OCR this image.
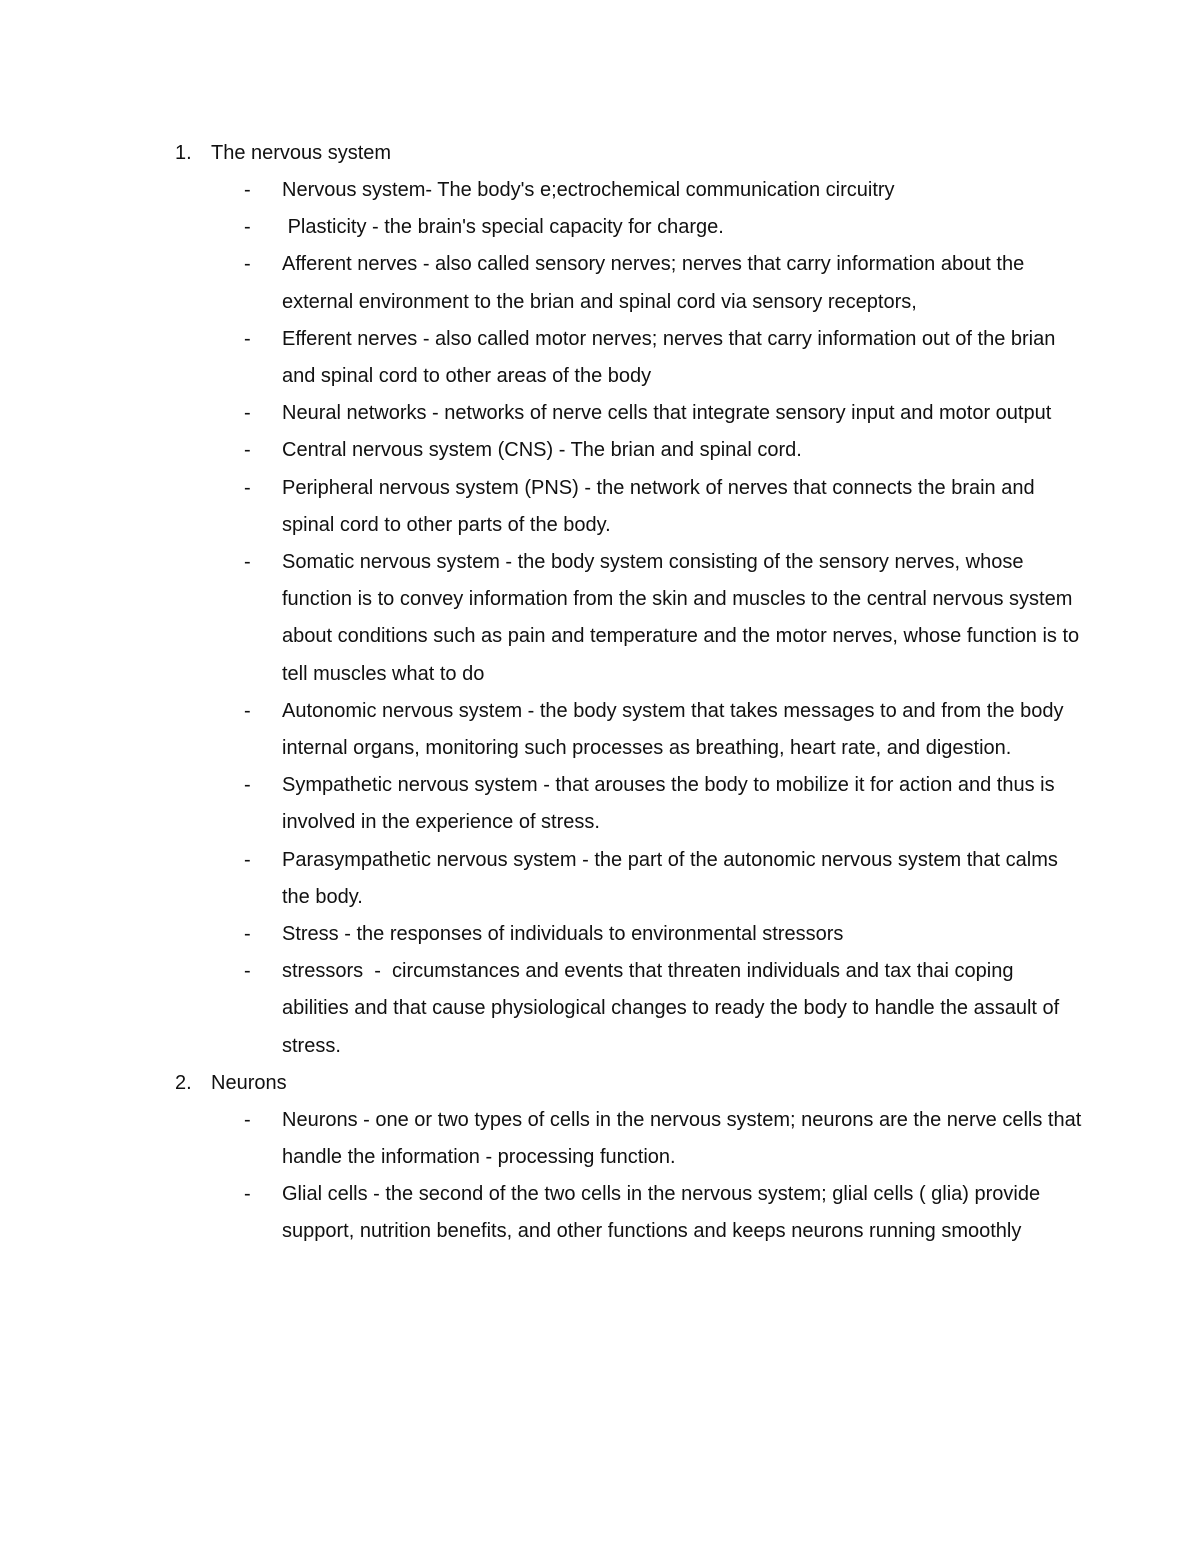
1. The nervous system
- Nervous system- The body's e;ectrochemical communication circuitry
- Plasticity - the brain's special capacity for charge.
- Afferent nerves - also called sensory nerves; nerves that carry information about the external environment to the brian and spinal cord via sensory receptors,
- Efferent nerves - also called motor nerves; nerves that carry information out of the brian and spinal cord to other areas of the body
- Neural networks - networks of nerve cells that integrate sensory input and motor output
- Central nervous system (CNS) - The brian and spinal cord.
- Peripheral nervous system (PNS) - the network of nerves that connects the brain and spinal cord to other parts of the body.
- Somatic nervous system - the body system consisting of the sensory nerves, whose function is to convey information from the skin and muscles to the central nervous system about conditions such as pain and temperature and the motor nerves, whose function is to tell muscles what to do
- Autonomic nervous system - the body system that takes messages to and from the body internal organs, monitoring such processes as breathing, heart rate, and digestion.
- Sympathetic nervous system - that arouses the body to mobilize it for action and thus is involved in the experience of stress.
- Parasympathetic nervous system - the part of the autonomic nervous system that calms the body.
- Stress - the responses of individuals to environmental stressors
- stressors  -  circumstances and events that threaten individuals and tax thai coping abilities and that cause physiological changes to ready the body to handle the assault of stress.
2. Neurons
- Neurons - one or two types of cells in the nervous system; neurons are the nerve cells that handle the information - processing function.
- Glial cells - the second of the two cells in the nervous system; glial cells ( glia) provide support, nutrition benefits, and other functions and keeps neurons running smoothly
